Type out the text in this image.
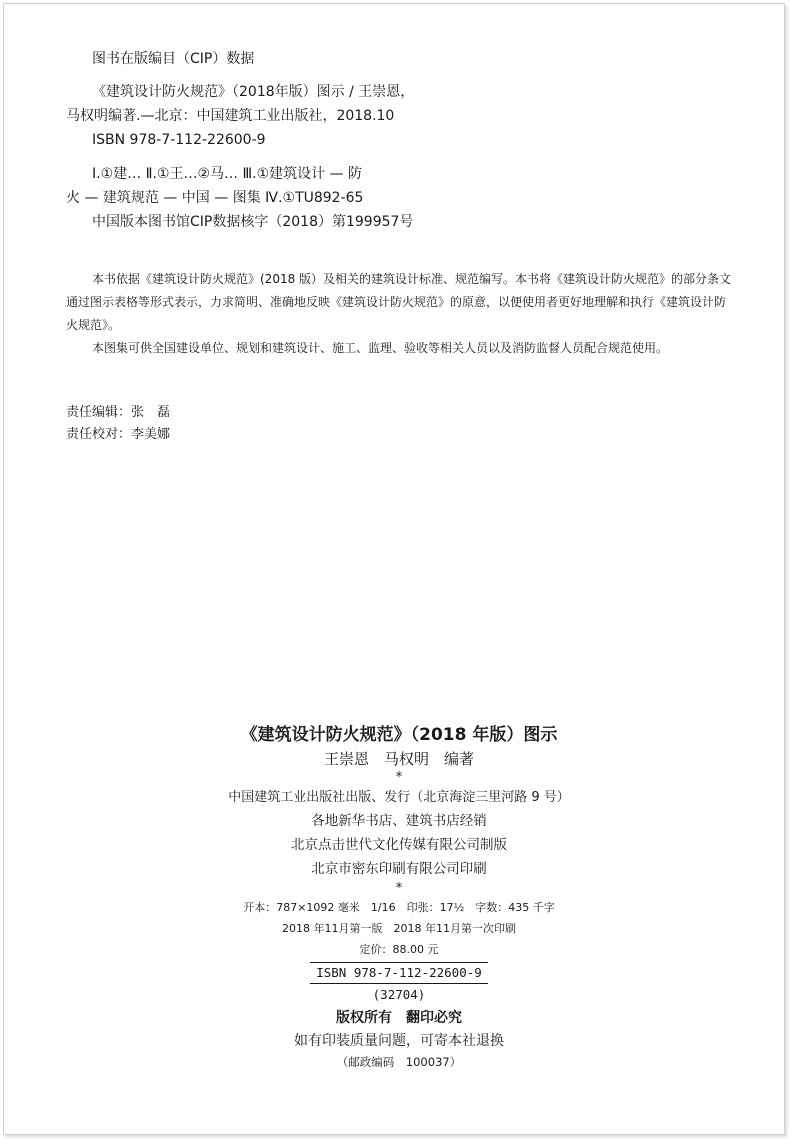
图书在版编目（CIP）数据
《建筑设计防火规范》（2018年版）图示 / 王崇恩，
马权明编著.—北京：中国建筑工业出版社，2018.10
ISBN 978-7-112-22600-9
Ⅰ.①建… Ⅱ.①王…②马… Ⅲ.①建筑设计 — 防
火 — 建筑规范 — 中国 — 图集 Ⅳ.①TU892-65
中国版本图书馆CIP数据核字（2018）第199957号

本书依据《建筑设计防火规范》(2018 版）及相关的建筑设计标准、规范编写。本书将《建筑设计防火规范》的部分条文通过图示表格等形式表示，力求简明、准确地反映《建筑设计防火规范》的原意，以便使用者更好地理解和执行《建筑设计防火规范》。

本图集可供全国建设单位、规划和建筑设计、施工、监理、验收等相关人员以及消防监督人员配合规范使用。

责任编辑：张　磊
责任校对：李美娜
《建筑设计防火规范》（2018 年版）图示
王崇恩　马权明　编著
*
中国建筑工业出版社出版、发行（北京海淀三里河路 9 号）
各地新华书店、建筑书店经销
北京点击世代文化传媒有限公司制版
北京市密东印刷有限公司印刷
*
开本：787×1092 毫米　1/16　印张：17½　字数：435 千字
2018 年11月第一版　2018 年11月第一次印刷
定价：88.00 元
ISBN 978-7-112-22600-9
(32704)
版权所有　翻印必究
如有印装质量问题，可寄本社退换
（邮政编码　100037）
